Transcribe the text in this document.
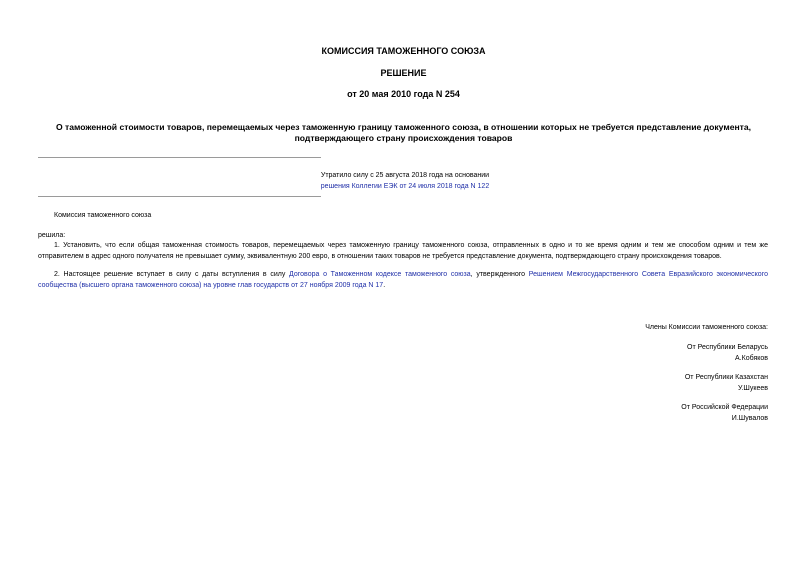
КОМИССИЯ ТАМОЖЕННОГО СОЮЗА
РЕШЕНИЕ
от 20 мая 2010 года N 254
О таможенной стоимости товаров, перемещаемых через таможенную границу таможенного союза, в отношении которых не требуется представление документа, подтверждающего страну происхождения товаров
Утратило силу с 25 августа 2018 года на основании
решения Коллегии ЕЭК от 24 июля 2018 года N 122
Комиссия таможенного союза
решила:
1. Установить, что если общая таможенная стоимость товаров, перемещаемых через таможенную границу таможенного союза, отправленных в одно и то же время одним и тем же способом одним и тем же отправителем в адрес одного получателя не превышает сумму, эквивалентную 200 евро, в отношении таких товаров не требуется представление документа, подтверждающего страну происхождения товаров.
2. Настоящее решение вступает в силу с даты вступления в силу Договора о Таможенном кодексе таможенного союза, утвержденного Решением Межгосударственного Совета Евразийского экономического сообщества (высшего органа таможенного союза) на уровне глав государств от 27 ноября 2009 года N 17.
Члены Комиссии таможенного союза:
От Республики Беларусь
А.Кобяков
От Республики Казахстан
У.Шукеев
От Российской Федерации
И.Шувалов
